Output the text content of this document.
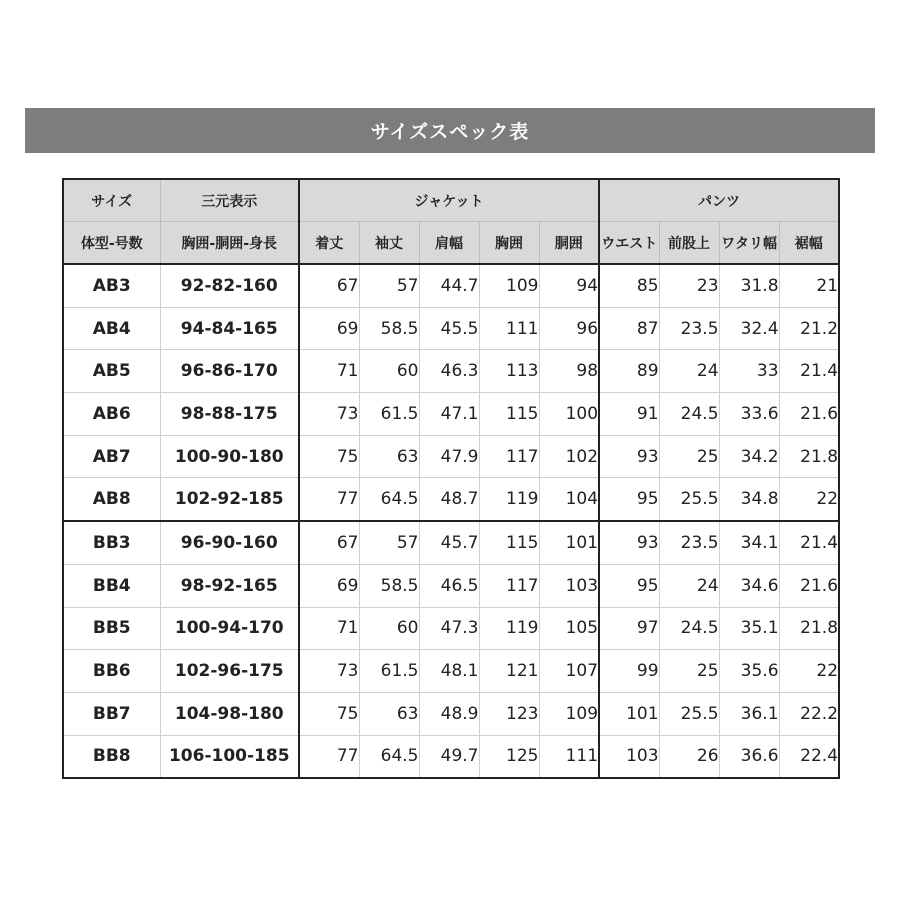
サイズスペック表
サイズ	三元表示	ジャケット					パンツ			
体型-号数	胸囲-胴囲-身長	着丈	袖丈	肩幅	胸囲	胴囲	ウエスト	前股上	ワタリ幅	裾幅
AB3	92-82-160	67	57	44.7	109	94	85	23	31.8	21
AB4	94-84-165	69	58.5	45.5	111	96	87	23.5	32.4	21.2
AB5	96-86-170	71	60	46.3	113	98	89	24	33	21.4
AB6	98-88-175	73	61.5	47.1	115	100	91	24.5	33.6	21.6
AB7	100-90-180	75	63	47.9	117	102	93	25	34.2	21.8
AB8	102-92-185	77	64.5	48.7	119	104	95	25.5	34.8	22
BB3	96-90-160	67	57	45.7	115	101	93	23.5	34.1	21.4
BB4	98-92-165	69	58.5	46.5	117	103	95	24	34.6	21.6
BB5	100-94-170	71	60	47.3	119	105	97	24.5	35.1	21.8
BB6	102-96-175	73	61.5	48.1	121	107	99	25	35.6	22
BB7	104-98-180	75	63	48.9	123	109	101	25.5	36.1	22.2
BB8	106-100-185	77	64.5	49.7	125	111	103	26	36.6	22.4
